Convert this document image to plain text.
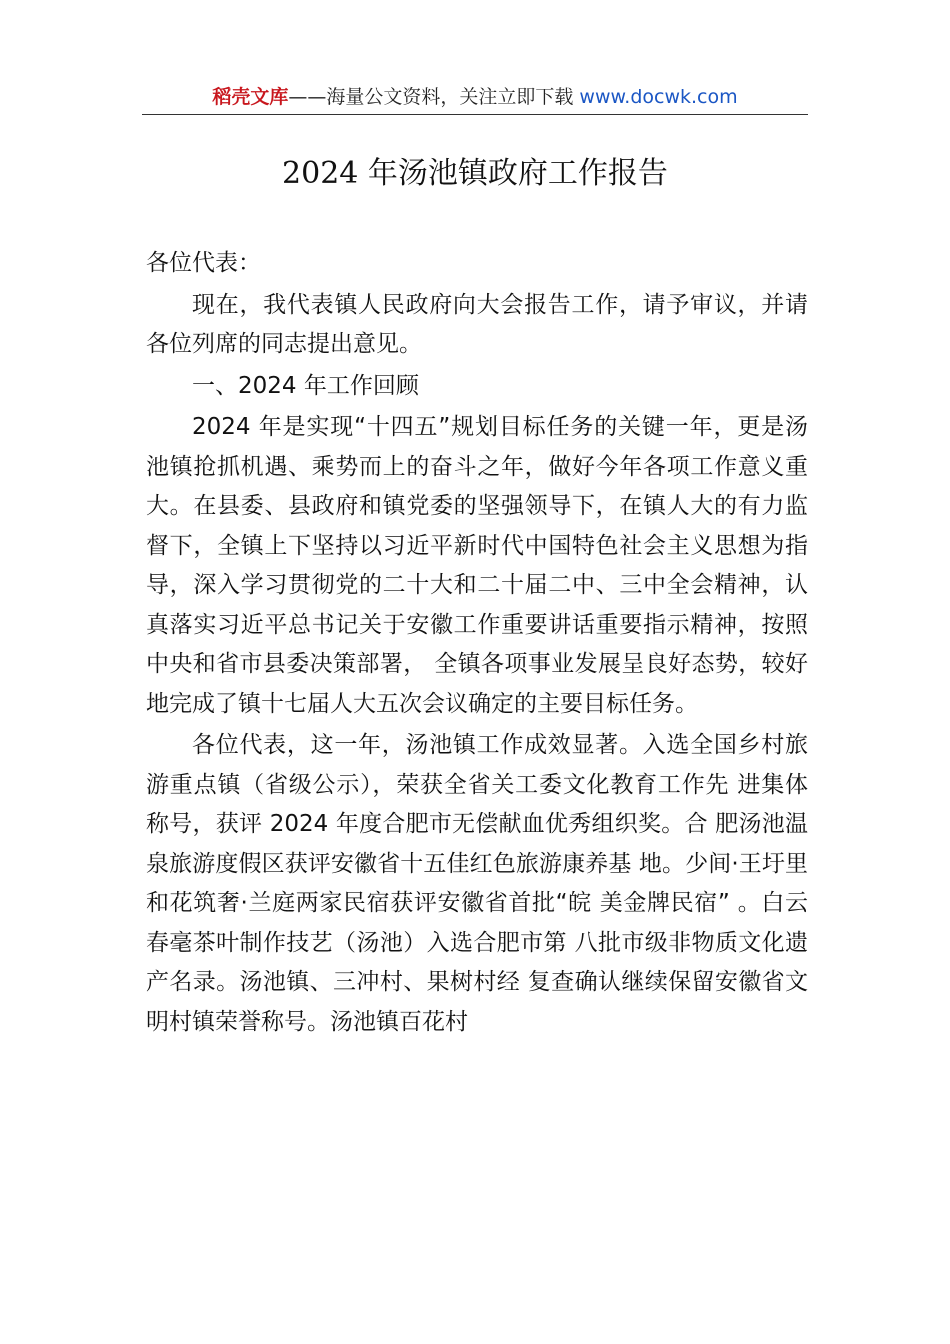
稻壳文库——海量公文资料，关注立即下载 www.docwk.com
2024 年汤池镇政府工作报告

各位代表：

现在，我代表镇人民政府向大会报告工作，请予审议，并请各位列席的同志提出意见。

一、2024 年工作回顾

2024 年是实现“十四五”规划目标任务的关键一年，更是汤池镇抢抓机遇、乘势而上的奋斗之年，做好今年各项工作意义重大。在县委、县政府和镇党委的坚强领导下，在镇人大的有力监督下，全镇上下坚持以习近平新时代中国特色社会主义思想为指导，深入学习贯彻党的二十大和二十届二中、三中全会精神，认真落实习近平总书记关于安徽工作重要讲话重要指示精神，按照中央和省市县委决策部署， 全镇各项事业发展呈良好态势，较好地完成了镇十七届人大五次会议确定的主要目标任务。

各位代表，这一年，汤池镇工作成效显著。入选全国乡村旅游重点镇（省级公示），荣获全省关工委文化教育工作先 进集体称号，获评 2024 年度合肥市无偿献血优秀组织奖。合 肥汤池温泉旅游度假区获评安徽省十五佳红色旅游康养基 地。少间·王圩里和花筑奢·兰庭两家民宿获评安徽省首批“皖 美金牌民宿” 。白云春毫茶叶制作技艺（汤池）入选合肥市第 八批市级非物质文化遗产名录。汤池镇、三冲村、果树村经 复查确认继续保留安徽省文明村镇荣誉称号。汤池镇百花村
